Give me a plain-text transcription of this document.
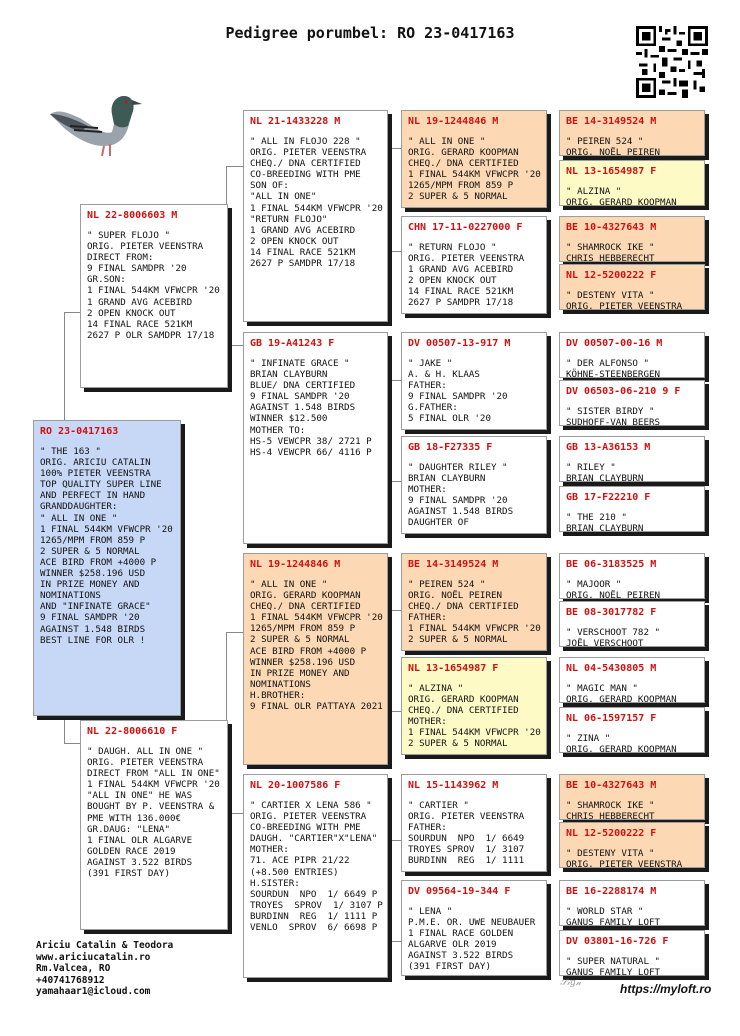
Pedigree porumbel: RO 23-0417163
RO 23-0417163
" THE 163 "
ORIG. ARICIU CATALIN
100% PIETER VEENSTRA
TOP QUALITY SUPER LINE
AND PERFECT IN HAND
GRANDDAUGHTER:
" ALL IN ONE "
1 FINAL 544KM VFWCPR '20
1265/MPM FROM 859 P
2 SUPER & 5 NORMAL
ACE BIRD FROM +4000 P
WINNER $258.196 USD
IN PRIZE MONEY AND
NOMINATIONS
AND "INFINATE GRACE"
9 FINAL SAMDPR '20
AGAINST 1.548 BIRDS
BEST LINE FOR OLR !
NL 22-8006603 M
" SUPER FLOJO "
ORIG. PIETER VEENSTRA
DIRECT FROM:
9 FINAL SAMDPR '20
GR.SON:
1 FINAL 544KM VFWCPR '20
1 GRAND AVG ACEBIRD
2 OPEN KNOCK OUT
14 FINAL RACE 521KM
2627 P OLR SAMDPR 17/18
NL 22-8006610 F
" DAUGH. ALL IN ONE "
ORIG. PIETER VEENSTRA
DIRECT FROM "ALL IN ONE"
1 FINAL 544KM VFWCPR '20
"ALL IN ONE" HE WAS
BOUGHT BY P. VEENSTRA &
PME WITH 136.000€
GR.DAUG: "LENA"
1 FINAL OLR ALGARVE
GOLDEN RACE 2019
AGAINST 3.522 BIRDS
(391 FIRST DAY)
NL 21-1433228 M
" ALL IN FLOJO 228 "
ORIG. PIETER VEENSTRA
CHEQ./ DNA CERTIFIED
CO-BREEDING WITH PME
SON OF:
"ALL IN ONE"
1 FINAL 544KM VFWCPR '20
"RETURN FLOJO"
1 GRAND AVG ACEBIRD
2 OPEN KNOCK OUT
14 FINAL RACE 521KM
2627 P SAMDPR 17/18
GB 19-A41243 F
" INFINATE GRACE "
BRIAN CLAYBURN
BLUE/ DNA CERTIFIED
9 FINAL SAMDPR '20
AGAINST 1.548 BIRDS
WINNER $12.500
MOTHER TO:
HS-5 VEWCPR 38/ 2721 P
HS-4 VEWCPR 66/ 4116 P
NL 19-1244846 M
" ALL IN ONE "
ORIG. GERARD KOOPMAN
CHEQ./ DNA CERTIFIED
1 FINAL 544KM VFWCPR '20
1265/MPM FROM 859 P
2 SUPER & 5 NORMAL
ACE BIRD FROM +4000 P
WINNER $258.196 USD
IN PRIZE MONEY AND
NOMINATIONS
H.BROTHER:
9 FINAL OLR PATTAYA 2021
NL 20-1007586 F
" CARTIER X LENA 586 "
ORIG. PIETER VEENSTRA
CO-BREEDING WITH PME
DAUGH. "CARTIER"X"LENA"
MOTHER:
71. ACE PIPR 21/22
(+8.500 ENTRIES)
H.SISTER:
SOURDUN  NPO  1/ 6649 P
TROYES  SPROV  1/ 3107 P
BURDINN  REG  1/ 1111 P
VENLO  SPROV  6/ 6698 P
NL 19-1244846 M
" ALL IN ONE "
ORIG. GERARD KOOPMAN
CHEQ./ DNA CERTIFIED
1 FINAL 544KM VFWCPR '20
1265/MPM FROM 859 P
2 SUPER & 5 NORMAL
CHN 17-11-0227000 F
" RETURN FLOJO "
ORIG. PIETER VEENSTRA
1 GRAND AVG ACEBIRD
2 OPEN KNOCK OUT
14 FINAL RACE 521KM
2627 P SAMDPR 17/18
DV 00507-13-917 M
" JAKE "
A. & H. KLAAS
FATHER:
9 FINAL SAMDPR '20
G.FATHER:
5 FINAL OLR '20
GB 18-F27335 F
" DAUGHTER RILEY "
BRIAN CLAYBURN
MOTHER:
9 FINAL SAMDPR '20
AGAINST 1.548 BIRDS
DAUGHTER OF
BE 14-3149524 M
" PEIREN 524 "
ORIG. NOËL PEIREN
CHEQ./ DNA CERTIFIED
FATHER:
1 FINAL 544KM VFWCPR '20
2 SUPER & 5 NORMAL
NL 13-1654987 F
" ALZINA "
ORIG. GERARD KOOPMAN
CHEQ./ DNA CERTIFIED
MOTHER:
1 FINAL 544KM VFWCPR '20
2 SUPER & 5 NORMAL
NL 15-1143962 M
" CARTIER "
ORIG. PIETER VEENSTRA
FATHER:
SOURDUN  NPO  1/ 6649
TROYES SPROV  1/ 3107
BURDINN  REG  1/ 1111
DV 09564-19-344 F
" LENA "
P.M.E. OR. UWE NEUBAUER
1 FINAL RACE GOLDEN
ALGARVE OLR 2019
AGAINST 3.522 BIRDS
(391 FIRST DAY)
BE 14-3149524 M
" PEIREN 524 "
ORIG. NOËL PEIREN
NL 13-1654987 F
" ALZINA "
ORIG. GERARD KOOPMAN
BE 10-4327643 M
" SHAMROCK IKE "
CHRIS HEBBERECHT
NL 12-5200222 F
" DESTENY VITA "
ORIG. PIETER VEENSTRA
DV 00507-00-16 M
" DER ALFONSO "
KÖHNE-STEENBERGEN
DV 06503-06-210 9 F
" SISTER BIRDY "
SUDHOFF-VAN BEERS
GB 13-A36153 M
" RILEY "
BRIAN CLAYBURN
GB 17-F22210 F
" THE 210 "
BRIAN CLAYBURN
BE 06-3183525 M
" MAJOOR "
ORIG. NOËL PEIREN
BE 08-3017782 F
" VERSCHOOT 782 "
JOËL VERSCHOOT
NL 04-5430805 M
" MAGIC MAN "
ORIG. GERARD KOOPMAN
NL 06-1597157 F
" ZINA "
ORIG. GERARD KOOPMAN
BE 10-4327643 M
" SHAMROCK IKE "
CHRIS HEBBERECHT
NL 12-5200222 F
" DESTENY VITA "
ORIG. PIETER VEENSTRA
BE 16-2288174 M
" WORLD STAR "
GANUS FAMILY LOFT
DV 03801-16-726 F
" SUPER NATURAL "
GANUS FAMILY LOFT
Ariciu Catalin & Teodora
www.ariciucatalin.ro
Rm.Valcea, RO
+40741768912
yamahaar1@icloud.com
𝒮𝒾𝑔𝓃	https://myloft.ro
